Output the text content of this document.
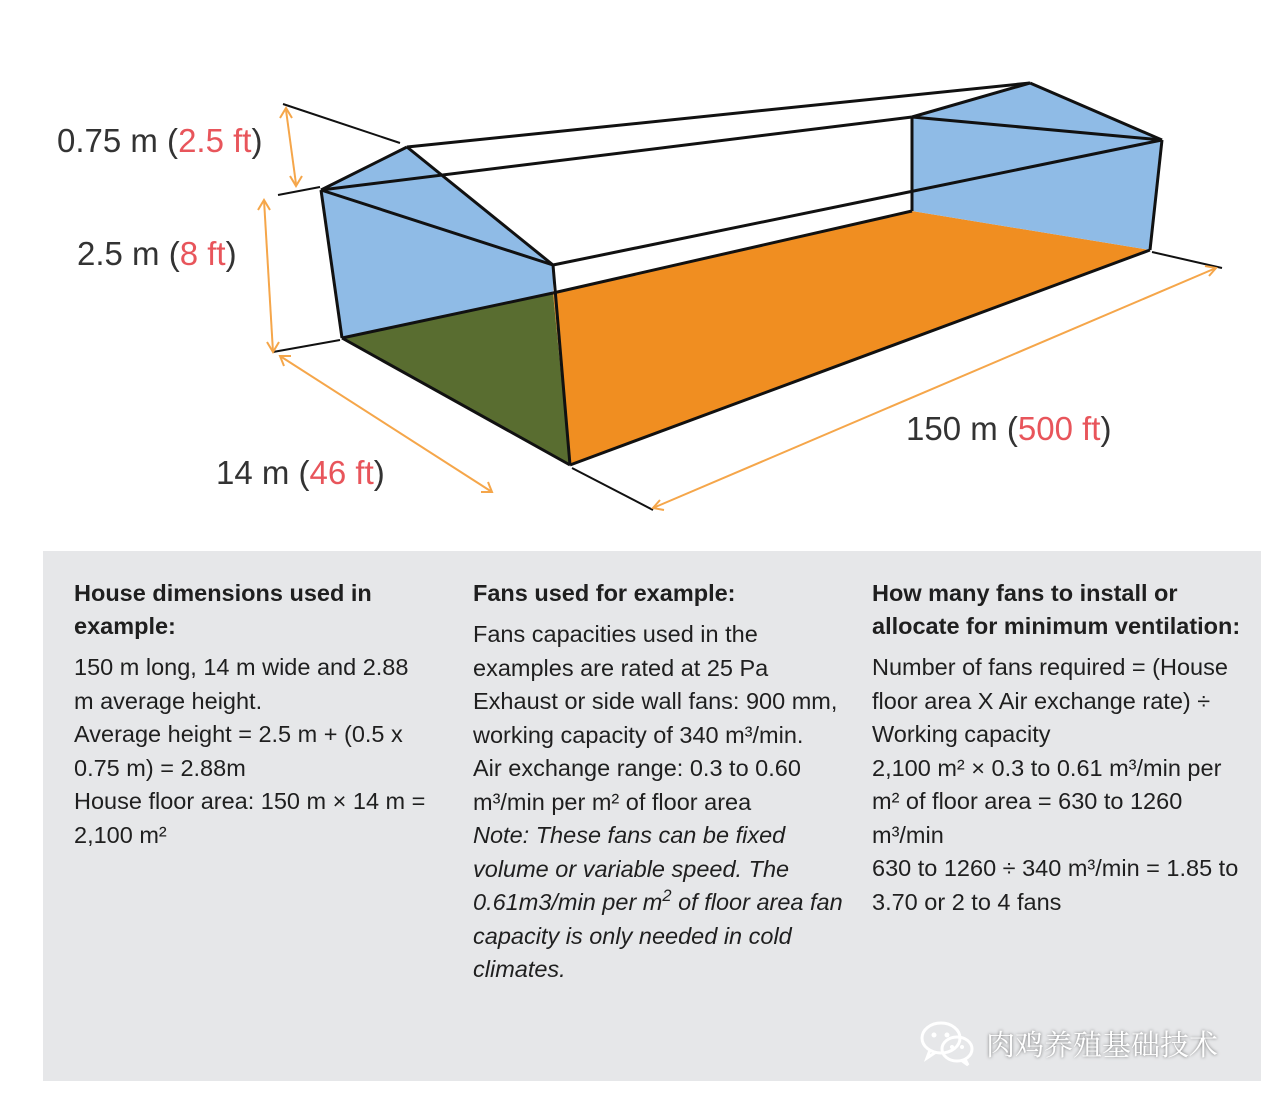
0.75 m (2.5 ft)
2.5 m (8 ft)
14 m (46 ft)
150 m (500 ft)
House dimensions used in example:

150 m long, 14 m wide and 2.88 m average height.

Average height = 2.5 m + (0.5 x 0.75 m) = 2.88m

House floor area: 150 m × 14 m = 2,100 m²

Fans used for example:

Fans capacities used in the examples are rated at 25 Pa

Exhaust or side wall fans: 900 mm, working capacity of 340 m³/min.

Air exchange range: 0.3 to 0.60 m³/min per m² of floor area

Note: These fans can be fixed volume or variable speed. The 0.61m3/min per $m^2$ of floor area fan capacity is only needed in cold climates.

How many fans to install or allocate for minimum ventilation:

Number of fans required = (House floor area X Air exchange rate) ÷ Working capacity

2,100 m² × 0.3 to 0.61 m³/min per m² of floor area = 630 to 1260 m³/min

630 to 1260 ÷ 340 m³/min = 1.85 to 3.70 or 2 to 4 fans

肉鸡养殖基础技术
